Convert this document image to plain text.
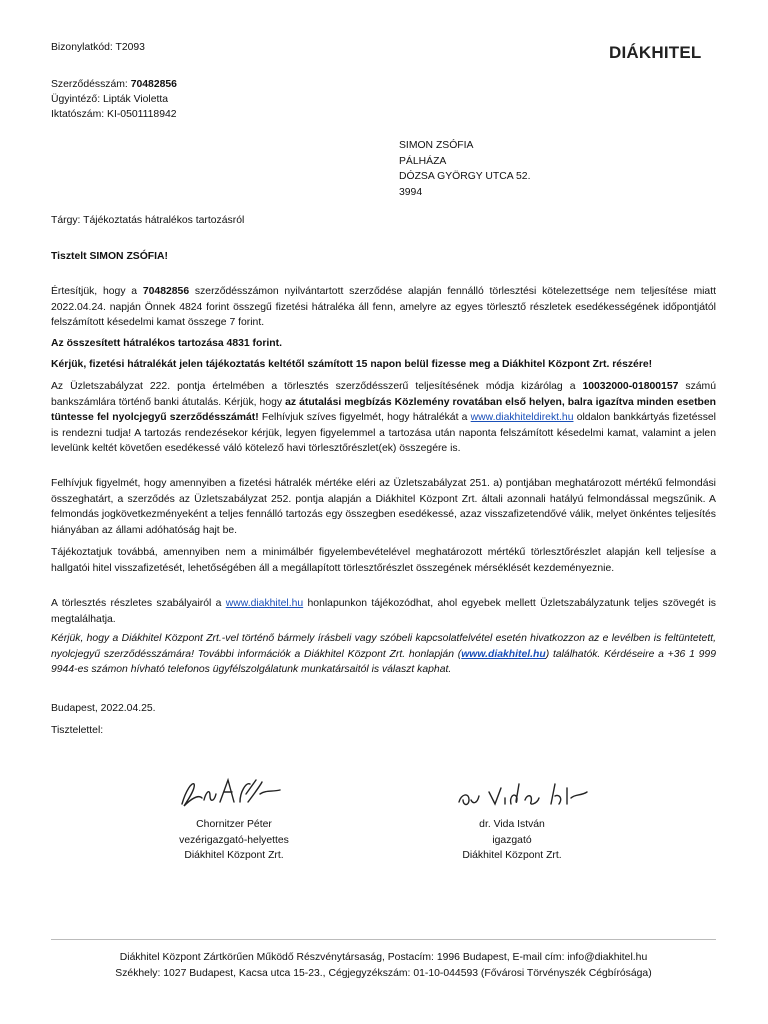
Bizonylatkód: T2093	DIÁKHITEL
Szerződésszám: 70482856
Ügyintéző: Lipták Violetta
Iktatószám: KI-0501118942
SIMON ZSÓFIA
PÁLHÁZA
DÓZSA GYÖRGY UTCA 52.
3994
Tárgy: Tájékoztatás hátralékos tartozásról
Tisztelt SIMON ZSÓFIA!
Értesítjük, hogy a 70482856 szerződésszámon nyilvántartott szerződése alapján fennálló törlesztési kötelezettsége nem teljesítése miatt 2022.04.24. napján Önnek 4824 forint összegű fizetési hátraléka áll fenn, amelyre az egyes törlesztő részletek esedékességének időpontjától felszámított késedelmi kamat összege 7 forint.
Az összesített hátralékos tartozása 4831 forint.
Kérjük, fizetési hátralékát jelen tájékoztatás keltétől számított 15 napon belül fizesse meg a Diákhitel Központ Zrt. részére!
Az Üzletszabályzat 222. pontja értelmében a törlesztés szerződésszerű teljesítésének módja kizárólag a 10032000-01800157 számú bankszámlára történő banki átutalás. Kérjük, hogy az átutalási megbízás Közlemény rovatában első helyen, balra igazítva minden esetben tüntesse fel nyolcjegyű szerződésszámát! Felhívjuk szíves figyelmét, hogy hátralékát a www.diakhiteldirekt.hu oldalon bankkártyás fizetéssel is rendezni tudja! A tartozás rendezésekor kérjük, legyen figyelemmel a tartozása után naponta felszámított késedelmi kamat, valamint a jelen levelünk keltét követően esedékessé váló kötelező havi törlesztőrészlet(ek) összegére is.
Felhívjuk figyelmét, hogy amennyiben a fizetési hátralék mértéke eléri az Üzletszabályzat 251. a) pontjában meghatározott mértékű felmondási összeghatárt, a szerződés az Üzletszabályzat 252. pontja alapján a Diákhitel Központ Zrt. általi azonnali hatályú felmondással megszűnik. A felmondás jogkövetkezményeként a teljes fennálló tartozás egy összegben esedékessé, azaz visszafizetendővé válik, melyet önkéntes teljesítés hiányában az állami adóhatóság hajt be.
Tájékoztatjuk továbbá, amennyiben nem a minimálbér figyelembevételével meghatározott mértékű törlesztőrészlet alapján kell teljesíse a hallgatói hitel visszafizetését, lehetőségében áll a megállapított törlesztőrészlet összegének mérséklését kezdeményeznie.
A törlesztés részletes szabályairól a www.diakhitel.hu honlapunkon tájékozódhat, ahol egyebek mellett Üzletszabályzatunk teljes szövegét is megtalálhatja.
Kérjük, hogy a Diákhitel Központ Zrt.-vel történő bármely írásbeli vagy szóbeli kapcsolatfelvétel esetén hivatkozzon az e levélben is feltüntetett, nyolcjegyű szerződésszámára! További információk a Diákhitel Központ Zrt. honlapján (www.diakhitel.hu) találhatók. Kérdéseire a +36 1 999 9944-es számon hívható telefonos ügyfélszolgálatunk munkatársaitól is választ kaphat.
Budapest, 2022.04.25.
Tisztelettel:
Chornitzer Péter
vezérigazgató-helyettes
Diákhitel Központ Zrt.
dr. Vida István
igazgató
Diákhitel Központ Zrt.
Diákhitel Központ Zártkörűen Működő Részvénytársaság, Postacím: 1996 Budapest, E-mail cím: info@diakhitel.hu
Székhely: 1027 Budapest, Kacsa utca 15-23., Cégjegyzékszám: 01-10-044593 (Fővárosi Törvényszék Cégbírósága)
